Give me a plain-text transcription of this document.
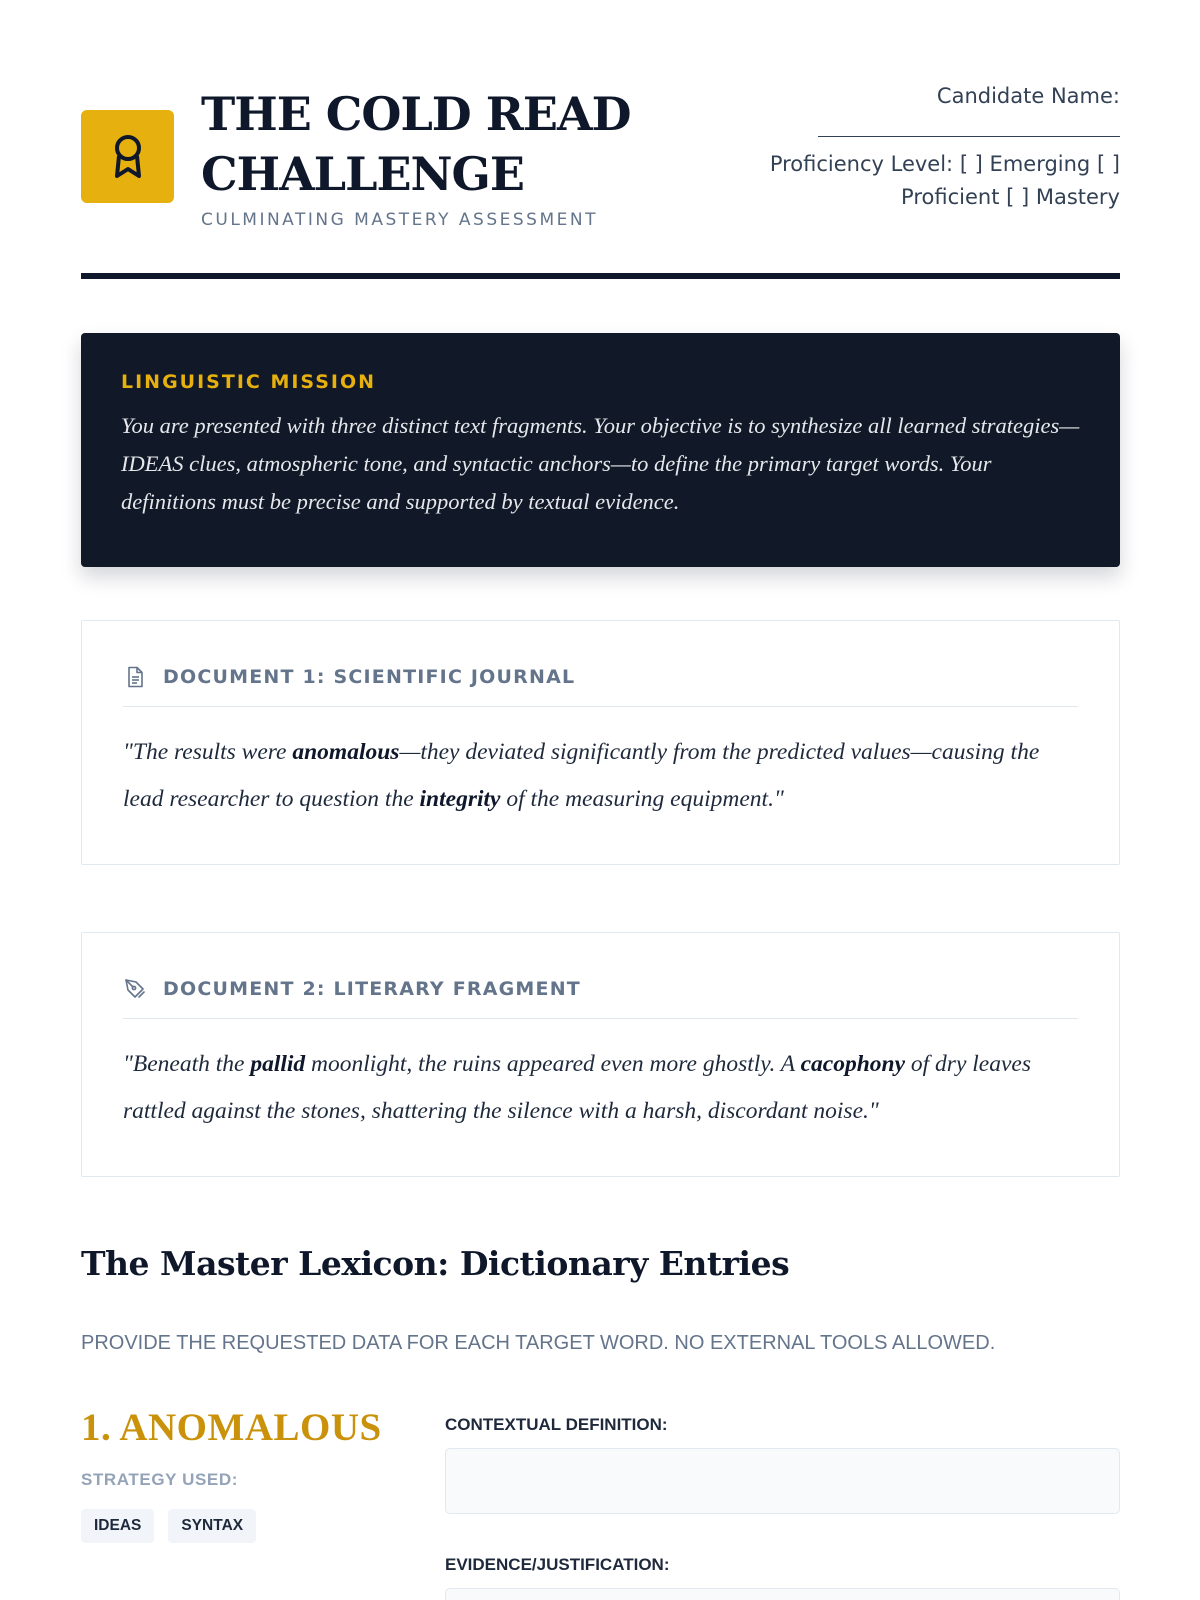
THE COLD READ
CHALLENGE
CULMINATING MASTERY ASSESSMENT
Candidate Name:
Proficiency Level: [ ] Emerging [ ]
Proficient [ ] Mastery
LINGUISTIC MISSION
You are presented with three distinct text fragments. Your objective is to synthesize all learned strategies—IDEAS clues, atmospheric tone, and syntactic anchors—to define the primary target words. Your definitions must be precise and supported by textual evidence.
DOCUMENT 1: SCIENTIFIC JOURNAL

"The results were anomalous—they deviated significantly from the predicted values—causing the lead researcher to question the integrity of the measuring equipment."

DOCUMENT 2: LITERARY FRAGMENT

"Beneath the pallid moonlight, the ruins appeared even more ghostly. A cacophony of dry leaves rattled against the stones, shattering the silence with a harsh, discordant noise."

The Master Lexicon: Dictionary Entries
PROVIDE THE REQUESTED DATA FOR EACH TARGET WORD. NO EXTERNAL TOOLS ALLOWED.
1. ANOMALOUS
STRATEGY USED:
IDEAS	SYNTAX
CONTEXTUAL DEFINITION:
EVIDENCE/JUSTIFICATION:
